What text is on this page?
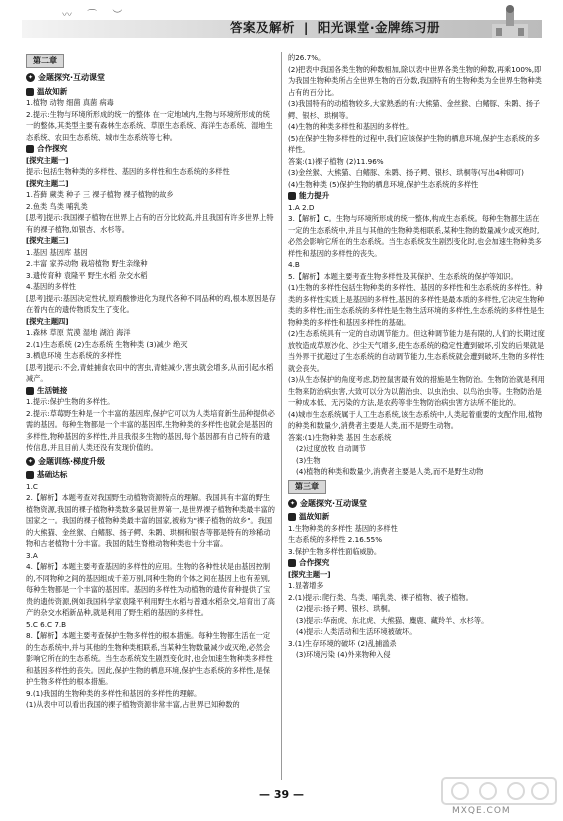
〰 ⌒ ︶
答案及解析 | 阳光课堂·金牌练习册
第二章
✦ 金题探究·互动课堂
温故知新
1.植物 动物 细菌 真菌 病毒
2.提示:生物与环境所形成的统一的整体 在一定地域内,生物与环境所形成的统一的整体,其类型主要有森林生态系统、草原生态系统、海洋生态系统、湿地生态系统、农田生态系统、城市生态系统等七种。
合作探究
[探究主题一]
提示:包括生物种类的多样性、基因的多样性和生态系统的多样性
[探究主题二]
1.苔藓 蕨类 种子 三 裸子植物 裸子植物的故乡
2.鱼类 鸟类 哺乳类
[思考]提示:我国裸子植物在世界上占有的百分比较高,并且我国有许多世界上特有的裸子植物,如银杏、水杉等。
[探究主题三]
1.基因 基因库 基因
2.丰富 家养动物 栽培植物 野生亲缘种
3.遗传育种 袁隆平 野生水稻 杂交水稻
4.基因的多样性
[思考]提示:基因决定性状,原鸡酸惨进化为现代各种不同品种的鸡,根本原因是存在着内在的遗传物质发生了变化。
[探究主题四]
1.森林 草原 荒漠 湿地 湖泊 海洋
2.(1)生态系统 (2)生态系统 生物种类 (3)减少 绝灭
3.栖息环境 生态系统的多样性
[思考]提示:不会,青蛙捕食农田中的害虫,青蛙减少,害虫就会增多,从而引起水稻减产。
生活链接
1.提示:保护生物的多样性。
2.提示:草莓野生种是一个丰富的基因库,保护它可以为人类培育新生品种提供必需的基因。每种生物都是一个丰富的基因库,生物种类的多样性也就会是基因的多样性,物种基因的多样性,并且我很多生物的基因,每个基因都有自己特有的遗传信息,并且目前人类还没有发现价值的。
✦ 金题训练·梯度升级
基础达标
1.C
2.【解析】本题考查对我国野生动植物资源特点的理解。我国具有丰富的野生植物资源,我国的裸子植物种类数多量居世界第一,是世界裸子植物种类最丰富的国家之一。我国的裸子植物种类最丰富的国家,被称为"裸子植物的故乡"。我国的大熊猫、金丝猴、白鳍豚、扬子鳄、朱鹮、珙桐和银杏等都是特有的珍稀动物和古老植物十分丰富。我国的陆生脊椎动物种类也十分丰富。
3.A
4.【解析】本题主要考查基因的多样性的应用。生物的各种性状是由基因控制的,不同物种之间的基因组成千差万别,同种生物的个体之间在基因上也有差别,每种生物都是一个丰富的基因库。基因的多样性为动植物的遗传育种提供了宝贵的遗传资源,例如我国科学家袁隆平利用野生水稻与普通水稻杂交,培育出了高产的杂交水稻新品种,就是利用了野生稻的基因的多样性。
5.C 6.C 7.B
8.【解析】本题主要考查保护生物多样性的根本措施。每种生物都生活在一定的生态系统中,并与其他的生物种类相联系,当某种生物数量减少或灭绝,必然会影响它所在的生态系统。当生态系统发生剧烈变化时,也会加速生物种类多样性和基因多样性的丧失。因此,保护生物的栖息环境,保护生态系统的多样性,是保护生物多样性的根本措施。
9.(1)我国的生物种类的多样性和基因的多样性的理解。
(1)从表中可以看出我国的裸子植物资源非常丰富,占世界已知种数的
的26.7%。
(2)把表中我国各类生物的种数相加,除以表中世界各类生物的种数,再乘100%,即为我国生物种类所占全世界生物的百分数,我国特有的生物种类为全世界生物种类占有的百分比。
(3)我国特有的动植物较多,大家熟悉的有:大熊猫、金丝猴、白鳍豚、朱鹮、扬子鳄、银杉、珙桐等。
(4)生物的种类多样性和基因的多样性。
(5)在保护生物多样性的过程中,我们应该保护生物的栖息环境,保护生态系统的多样性。
答案:(1)裸子植物 (2)11.96%
(3)金丝猴、大熊猫、白鳍豚、朱鹮、扬子鳄、银杉、珙桐等(写出4种即可)
(4)生物种类 (5)保护生物的栖息环境,保护生态系统的多样性
能力提升
1.A 2.D
3.【解析】C。生物与环境所形成的统一整体,构成生态系统。每种生物都生活在一定的生态系统中,并且与其他的生物种类相联系,某种生物的数量减少或灭绝时,必然会影响它所在的生态系统。当生态系统发生剧烈变化时,也会加速生物种类多样性和基因的多样性的丧失。
4.B
5.【解析】本题主要考查生物多样性及其保护、生态系统的保护等知识。
(1)生物的多样性包括生物种类的多样性、基因的多样性和生态系统的多样性。种类的多样性实质上是基因的多样性,基因的多样性是最本质的多样性,它决定生物种类的多样性;而生态系统的多样性是生物生活环境的多样性,生态系统的多样性是生物种类的多样性和基因多样性的基础。
(2)生态系统具有一定的自动调节能力。但这种调节能力是有限的,人们的长期过度放牧造成草原沙化、沙尘天气增多,使生态系统的稳定性遭到破坏,引发的后果就是当外界干扰超过了生态系统的自动调节能力,生态系统就会遭到破坏,生物的多样性就会丧失。
(3)从生态保护的角度考虑,防控鼠害最有效的措施是生物防治。生物防治就是利用生物来防治病虫害,大致可以分为以菌治虫、以虫治虫、以鸟治虫等。生物防治是一种成本低、无污染的方法,是农药等非生物防治病虫害方法所不能比的。
(4)城市生态系统属于人工生态系统,该生态系统中,人类起着重要的支配作用,植物的种类和数量少,消费者主要是人类,而不是野生动物。
答案:(1)生物种类 基因 生态系统
(2)过度放牧 自动调节
(3)生物
(4)植物的种类和数量少,消费者主要是人类,而不是野生动物
第三章
✦ 金题探究·互动课堂
温故知新
1.生物种类的多样性 基因的多样性
生态系统的多样性 2.16.55%
3.保护生物多样性面临威胁。
合作探究
[探究主题一]
1.显著增多
2.(1)提示:爬行类、鸟类、哺乳类、裸子植物、被子植物。
(2)提示:扬子鳄、银杉、珙桐。
(3)提示:华南虎、东北虎、大熊猫、麋鹿、藏羚羊、水杉等。
(4)提示:人类活动和生活环境被破坏。
3.(1)生存环境的破坏 (2)乱捕滥杀
(3)环境污染 (4)外来物种入侵
— 39 —
MXQE.COM
